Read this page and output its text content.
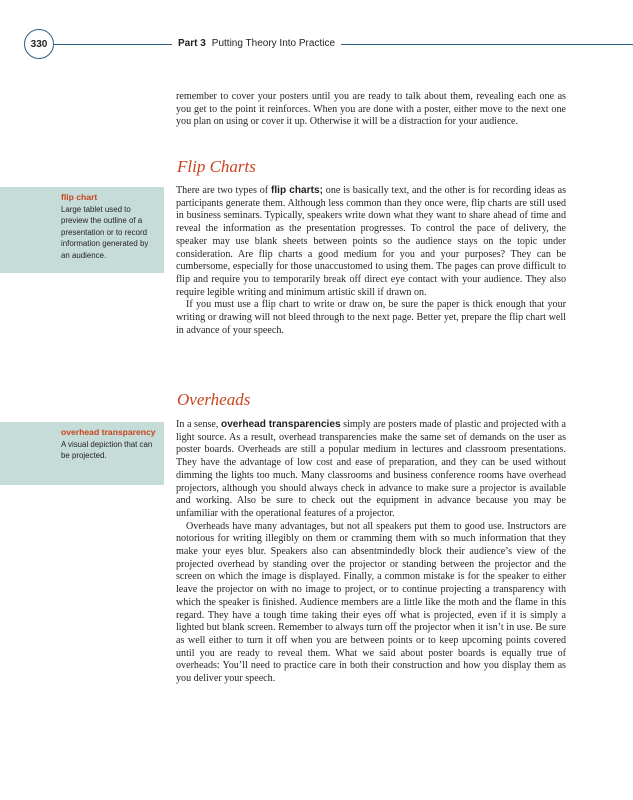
330	Part 3 Putting Theory Into Practice

remember to cover your posters until you are ready to talk about them, revealing each one as you get to the point it reinforces. When you are done with a poster, either move to the next one you plan on using or cover it up. Otherwise it will be a distraction for your audience.

Flip Charts
flip chart
Large tablet used to preview the outline of a presentation or to record information generated by an audience.

There are two types of flip charts; one is basically text, and the other is for recording ideas as participants generate them. Although less common than they once were, flip charts are still used in business seminars. Typically, speakers write down what they want to share ahead of time and reveal the information as the presentation progresses. To control the pace of delivery, the speaker may use blank sheets between points so the audience stays on the topic under consideration. Are flip charts a good medium for you and your purposes? They can be cumbersome, especially for those unaccustomed to using them. The pages can prove difficult to flip and require you to temporarily break off direct eye contact with your audience. They also require legible writing and minimum artistic skill if drawn on.

If you must use a flip chart to write or draw on, be sure the paper is thick enough that your writing or drawing will not bleed through to the next page. Better yet, prepare the flip chart well in advance of your speech.

Overheads
overhead transparency
A visual depiction that can be projected.

In a sense, overhead transparencies simply are posters made of plastic and projected with a light source. As a result, overhead transparencies make the same set of demands on the user as poster boards. Overheads are still a popular medium in lectures and classroom presentations. They have the advantage of low cost and ease of preparation, and they can be used without dimming the lights too much. Many classrooms and business conference rooms have overhead projectors, although you should always check in advance to make sure a projector is available and working. Also be sure to check out the equipment in advance because you may be unfamiliar with the operational features of a projector.

Overheads have many advantages, but not all speakers put them to good use. Instructors are notorious for writing illegibly on them or cramming them with so much information that they make your eyes blur. Speakers also can absentmindedly block their audience’s view of the projected overhead by standing over the projector or standing between the projector and the screen on which the image is displayed. Finally, a common mistake is for the speaker to either leave the projector on with no image to project, or to continue projecting a transparency with which the speaker is finished. Audience members are a little like the moth and the flame in this regard. They have a tough time taking their eyes off what is projected, even if it is simply a lighted but blank screen. Remember to always turn off the projector when it isn’t in use. Be sure as well either to turn it off when you are between points or to keep upcoming points covered until you are ready to reveal them. What we said about poster boards is equally true of overheads: You’ll need to practice care in both their construction and how you display them as you deliver your speech.
